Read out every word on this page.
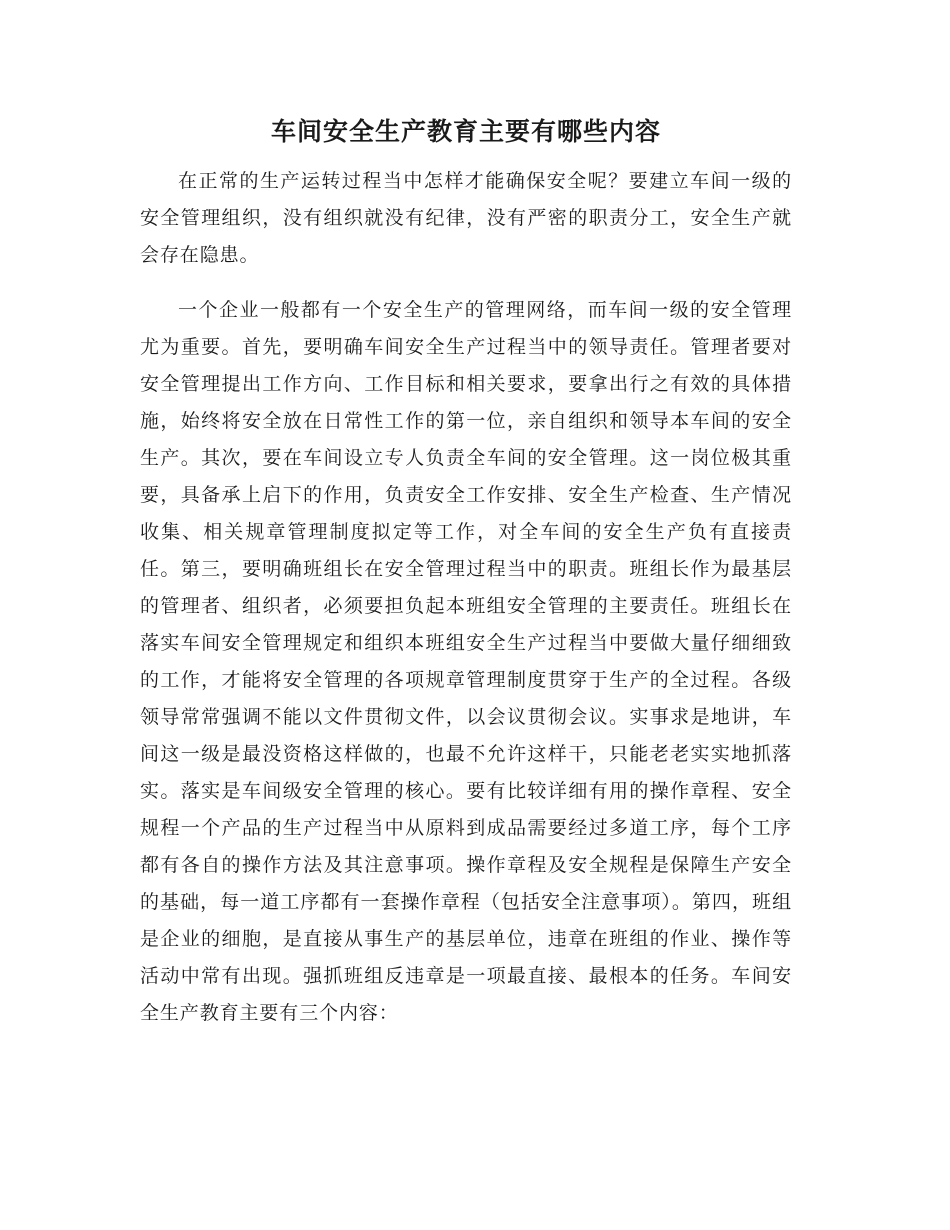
车间安全生产教育主要有哪些内容

在正常的生产运转过程当中怎样才能确保安全呢？要建立车间一级的安全管理组织，没有组织就没有纪律，没有严密的职责分工，安全生产就会存在隐患。

一个企业一般都有一个安全生产的管理网络，而车间一级的安全管理尤为重要。首先，要明确车间安全生产过程当中的领导责任。管理者要对安全管理提出工作方向、工作目标和相关要求，要拿出行之有效的具体措施，始终将安全放在日常性工作的第一位，亲自组织和领导本车间的安全生产。其次，要在车间设立专人负责全车间的安全管理。这一岗位极其重要，具备承上启下的作用，负责安全工作安排、安全生产检查、生产情况收集、相关规章管理制度拟定等工作，对全车间的安全生产负有直接责任。第三，要明确班组长在安全管理过程当中的职责。班组长作为最基层的管理者、组织者，必须要担负起本班组安全管理的主要责任。班组长在落实车间安全管理规定和组织本班组安全生产过程当中要做大量仔细细致的工作，才能将安全管理的各项规章管理制度贯穿于生产的全过程。各级领导常常强调不能以文件贯彻文件，以会议贯彻会议。实事求是地讲，车间这一级是最没资格这样做的，也最不允许这样干，只能老老实实地抓落实。落实是车间级安全管理的核心。要有比较详细有用的操作章程、安全规程一个产品的生产过程当中从原料到成品需要经过多道工序，每个工序都有各自的操作方法及其注意事项。操作章程及安全规程是保障生产安全的基础，每一道工序都有一套操作章程（包括安全注意事项）。第四，班组是企业的细胞，是直接从事生产的基层单位，违章在班组的作业、操作等活动中常有出现。强抓班组反违章是一项最直接、最根本的任务。车间安全生产教育主要有三个内容：
